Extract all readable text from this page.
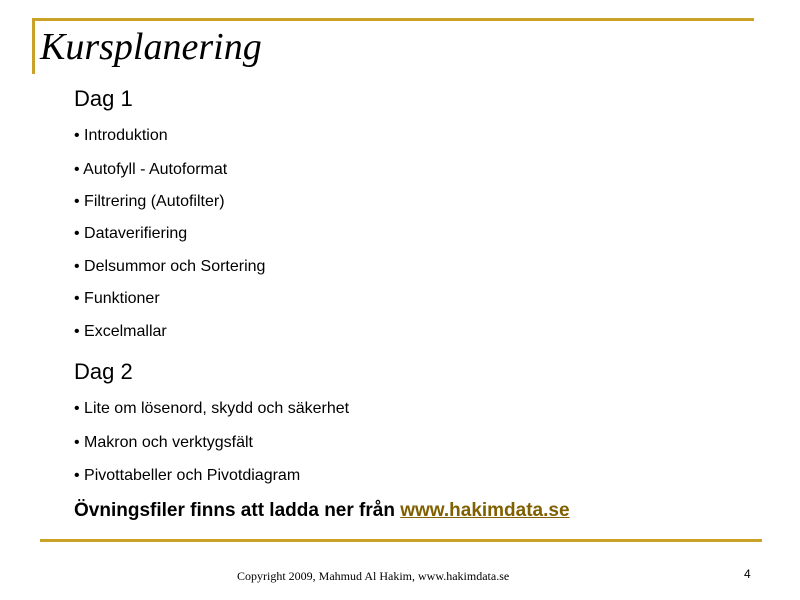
Kursplanering
Dag 1
• Introduktion
• Autofyll - Autoformat
• Filtrering (Autofilter)
• Dataverifiering
• Delsummor och Sortering
• Funktioner
• Excelmallar
Dag 2
• Lite om lösenord, skydd och säkerhet
• Makron och verktygsfält
• Pivottabeller och Pivotdiagram
Övningsfiler finns att ladda ner från www.hakimdata.se
Copyright 2009, Mahmud Al Hakim, www.hakimdata.se	4
